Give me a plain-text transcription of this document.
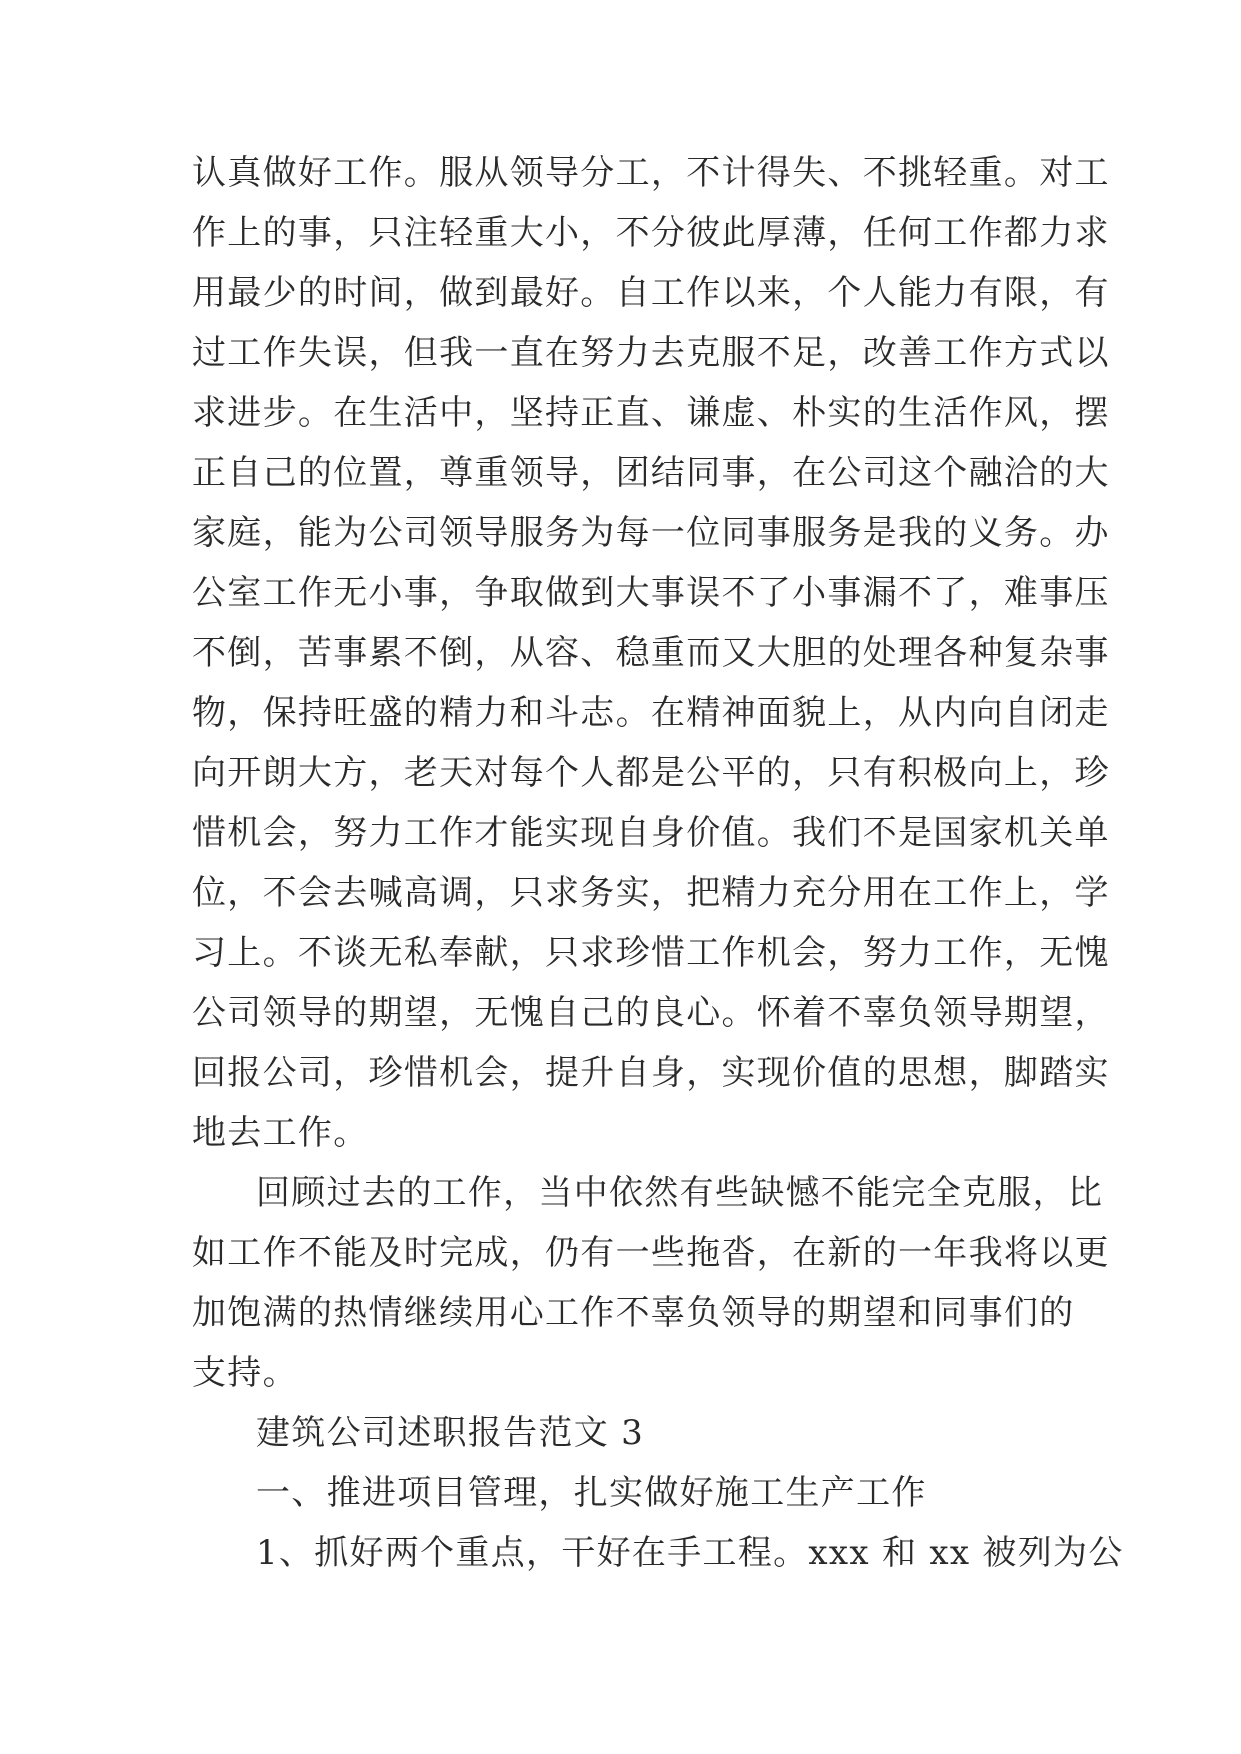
认真做好工作。服从领导分工，不计得失、不挑轻重。对工
作上的事，只注轻重大小，不分彼此厚薄，任何工作都力求
用最少的时间，做到最好。自工作以来，个人能力有限，有
过工作失误，但我一直在努力去克服不足，改善工作方式以
求进步。在生活中，坚持正直、谦虚、朴实的生活作风，摆
正自己的位置，尊重领导，团结同事，在公司这个融洽的大
家庭，能为公司领导服务为每一位同事服务是我的义务。办
公室工作无小事，争取做到大事误不了小事漏不了，难事压
不倒，苦事累不倒，从容、稳重而又大胆的处理各种复杂事
物，保持旺盛的精力和斗志。在精神面貌上，从内向自闭走
向开朗大方，老天对每个人都是公平的，只有积极向上，珍
惜机会，努力工作才能实现自身价值。我们不是国家机关单
位，不会去喊高调，只求务实，把精力充分用在工作上，学
习上。不谈无私奉献，只求珍惜工作机会，努力工作，无愧
公司领导的期望，无愧自己的良心。怀着不辜负领导期望，
回报公司，珍惜机会，提升自身，实现价值的思想，脚踏实
地去工作。
回顾过去的工作，当中依然有些缺憾不能完全克服，比
如工作不能及时完成，仍有一些拖沓，在新的一年我将以更
加饱满的热情继续用心工作不辜负领导的期望和同事们的
支持。
建筑公司述职报告范文 3
一、推进项目管理，扎实做好施工生产工作
1、抓好两个重点，干好在手工程。xxx 和 xx 被列为公
